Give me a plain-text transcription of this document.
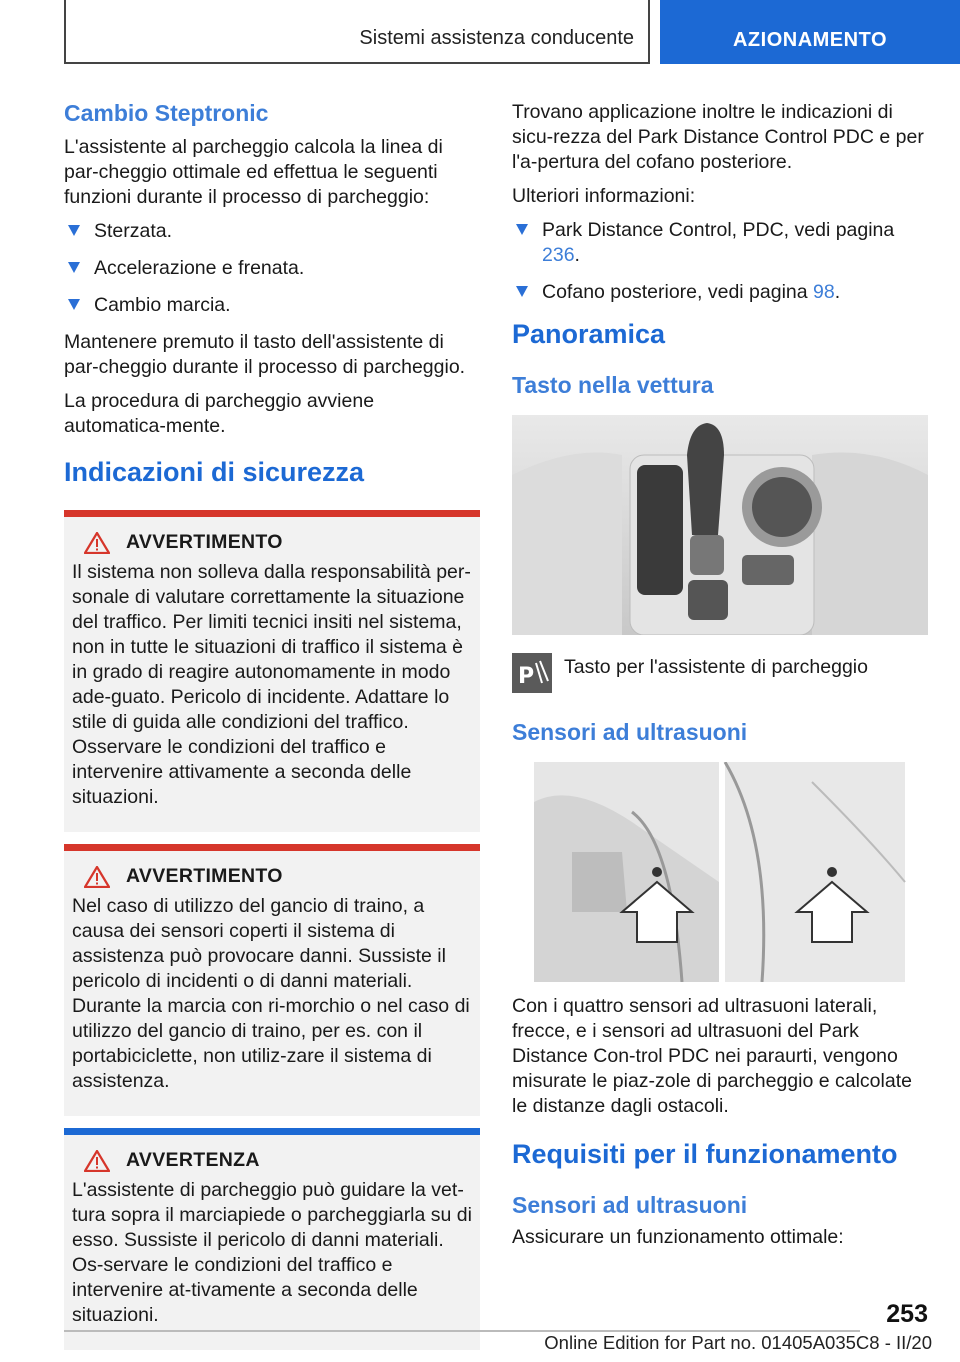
Sistemi assistenza conducente	AZIONAMENTO
Cambio Steptronic

L'assistente al parcheggio calcola la linea di par-cheggio ottimale ed effettua le seguenti funzioni durante il processo di parcheggio:

Sterzata.
Accelerazione e frenata.
Cambio marcia.

Mantenere premuto il tasto dell'assistente di par-cheggio durante il processo di parcheggio.

La procedura di parcheggio avviene automatica-mente.

Indicazioni di sicurezza
AVVERTIMENTO

Il sistema non solleva dalla responsabilità per-sonale di valutare correttamente la situazione del traffico. Per limiti tecnici insiti nel sistema, non in tutte le situazioni di traffico il sistema è in grado di reagire autonomamente in modo ade-guato. Pericolo di incidente. Adattare lo stile di guida alle condizioni del traffico. Osservare le condizioni del traffico e intervenire attivamente a seconda delle situazioni.

AVVERTIMENTO

Nel caso di utilizzo del gancio di traino, a causa dei sensori coperti il sistema di assistenza può provocare danni. Sussiste il pericolo di incidenti o di danni materiali. Durante la marcia con ri-morchio o nel caso di utilizzo del gancio di traino, per es. con il portabiciclette, non utiliz-zare il sistema di assistenza.

AVVERTENZA

L'assistente di parcheggio può guidare la vet-tura sopra il marciapiede o parcheggiarla su di esso. Sussiste il pericolo di danni materiali. Os-servare le condizioni del traffico e intervenire at-tivamente a seconda delle situazioni.

Trovano applicazione inoltre le indicazioni di sicu-rezza del Park Distance Control PDC e per l'a-pertura del cofano posteriore.

Ulteriori informazioni:

Park Distance Control, PDC, vedi pagina 236.
Cofano posteriore, vedi pagina 98.
Panoramica
Tasto nella vettura
P Tasto per l'assistente di parcheggio

Sensori ad ultrasuoni

Con i quattro sensori ad ultrasuoni laterali, frecce, e i sensori ad ultrasuoni del Park Distance Con-trol PDC nei paraurti, vengono misurate le piaz-zole di parcheggio e calcolate le distanze dagli ostacoli.

Requisiti per il funzionamento
Sensori ad ultrasuoni

Assicurare un funzionamento ottimale:

253
Online Edition for Part no. 01405A035C8 - II/20
